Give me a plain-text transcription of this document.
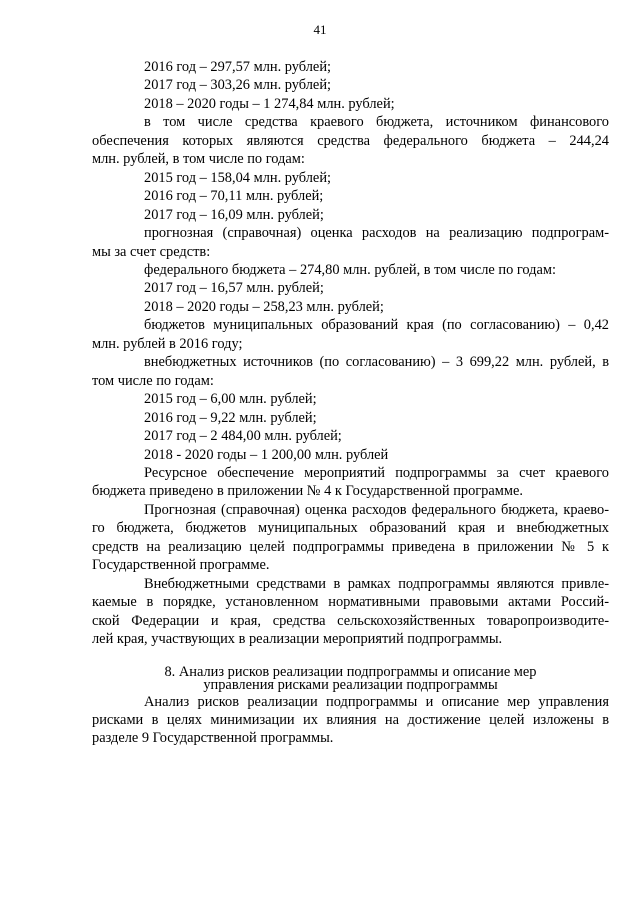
41
2016 год – 297,57 млн. рублей;
2017 год – 303,26 млн. рублей;
2018 – 2020 годы – 1 274,84 млн. рублей;
в том числе средства краевого бюджета, источником финансового
обеспечения которых являются средства федерального бюджета – 244,24
млн. рублей, в том числе по годам:
2015 год – 158,04 млн. рублей;
2016 год – 70,11 млн. рублей;
2017 год – 16,09 млн. рублей;
прогнозная (справочная) оценка расходов на реализацию подпрограм-
мы за счет средств:
федерального бюджета – 274,80 млн. рублей, в том числе по годам:
2017 год – 16,57 млн. рублей;
2018 – 2020 годы – 258,23 млн. рублей;
бюджетов муниципальных образований края (по согласованию) – 0,42
млн. рублей в 2016 году;
внебюджетных источников (по согласованию) – 3 699,22 млн. рублей, в
том числе по годам:
2015 год – 6,00 млн. рублей;
2016 год – 9,22 млн. рублей;
2017 год – 2 484,00 млн. рублей;
2018 - 2020 годы – 1 200,00 млн. рублей
Ресурсное обеспечение мероприятий подпрограммы за счет краевого
бюджета приведено в приложении № 4 к Государственной программе.
Прогнозная (справочная) оценка расходов федерального бюджета, краево-
го бюджета, бюджетов муниципальных образований края и внебюджетных
средств на реализацию целей подпрограммы приведена в приложении № 5 к
Государственной программе.
Внебюджетными средствами в рамках подпрограммы являются привле-
каемые в порядке, установленном нормативными правовыми актами Россий-
ской Федерации и края, средства сельскохозяйственных товаропроизводите-
лей края, участвующих в реализации мероприятий подпрограммы.
8. Анализ рисков реализации подпрограммы и описание мер
управления рисками реализации подпрограммы
Анализ рисков реализации подпрограммы и описание мер управления
рисками в целях минимизации их влияния на достижение целей изложены в
разделе 9 Государственной программы.
